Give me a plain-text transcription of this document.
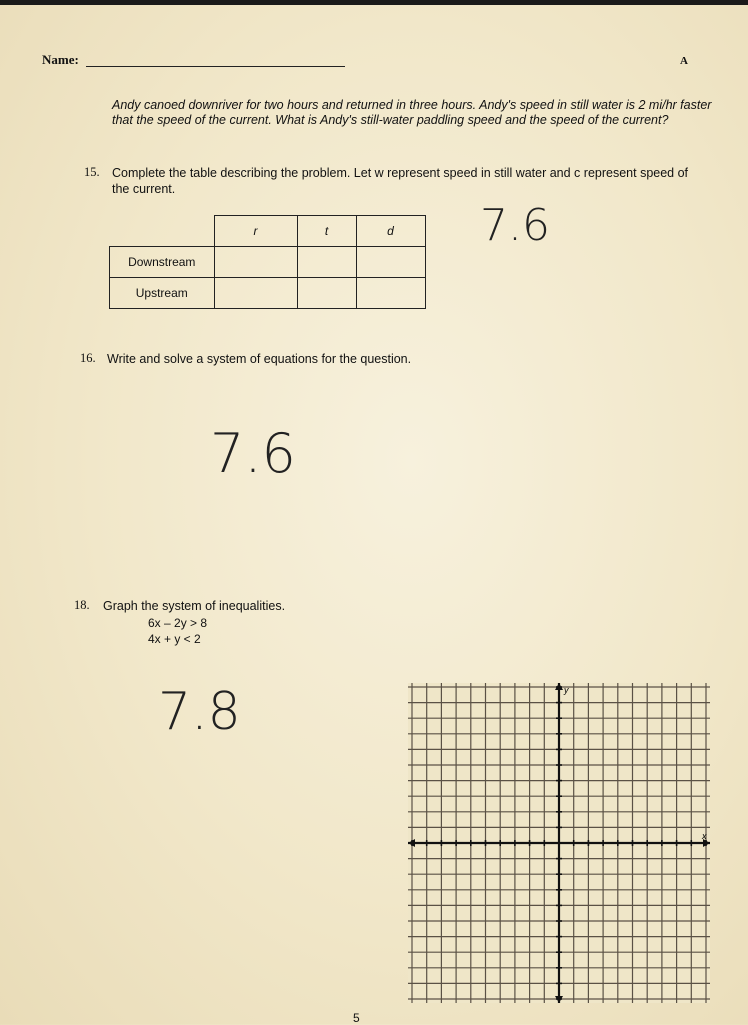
Name:	A
Andy canoed downriver for two hours and returned in three hours. Andy's speed in still water is 2 mi/hr faster that the speed of the current. What is Andy's still-water paddling speed and the speed of the current?
15. Complete the table describing the problem. Let w represent speed in still water and c represent speed of the current.
	r	t	d
Downstream			
Upstream			
7.6
16. Write and solve a system of equations for the question.
7.6
18. Graph the system of inequalities.
6x – 2y > 8
4x + y < 2
7.8	y
x
5
